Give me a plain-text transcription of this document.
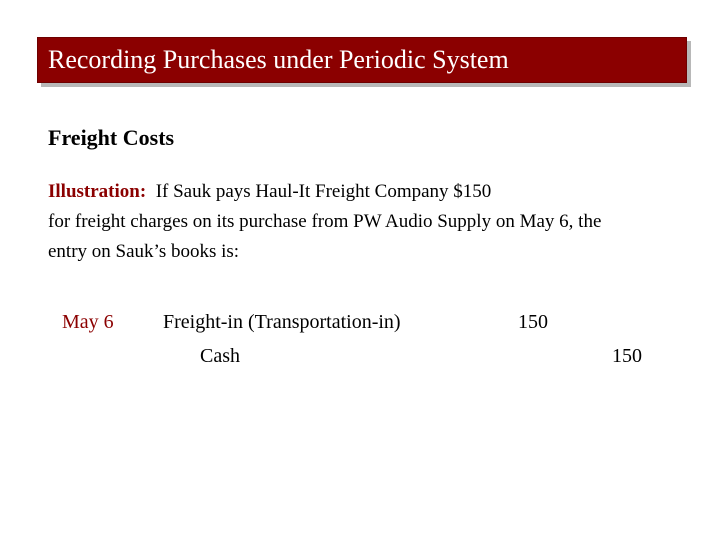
Recording Purchases under Periodic System
Freight Costs
Illustration: If Sauk pays Haul-It Freight Company $150
for freight charges on its purchase from PW Audio Supply on May 6, the
entry on Sauk’s books is:
May 6 Freight-in (Transportation-in)	150
Cash	150
